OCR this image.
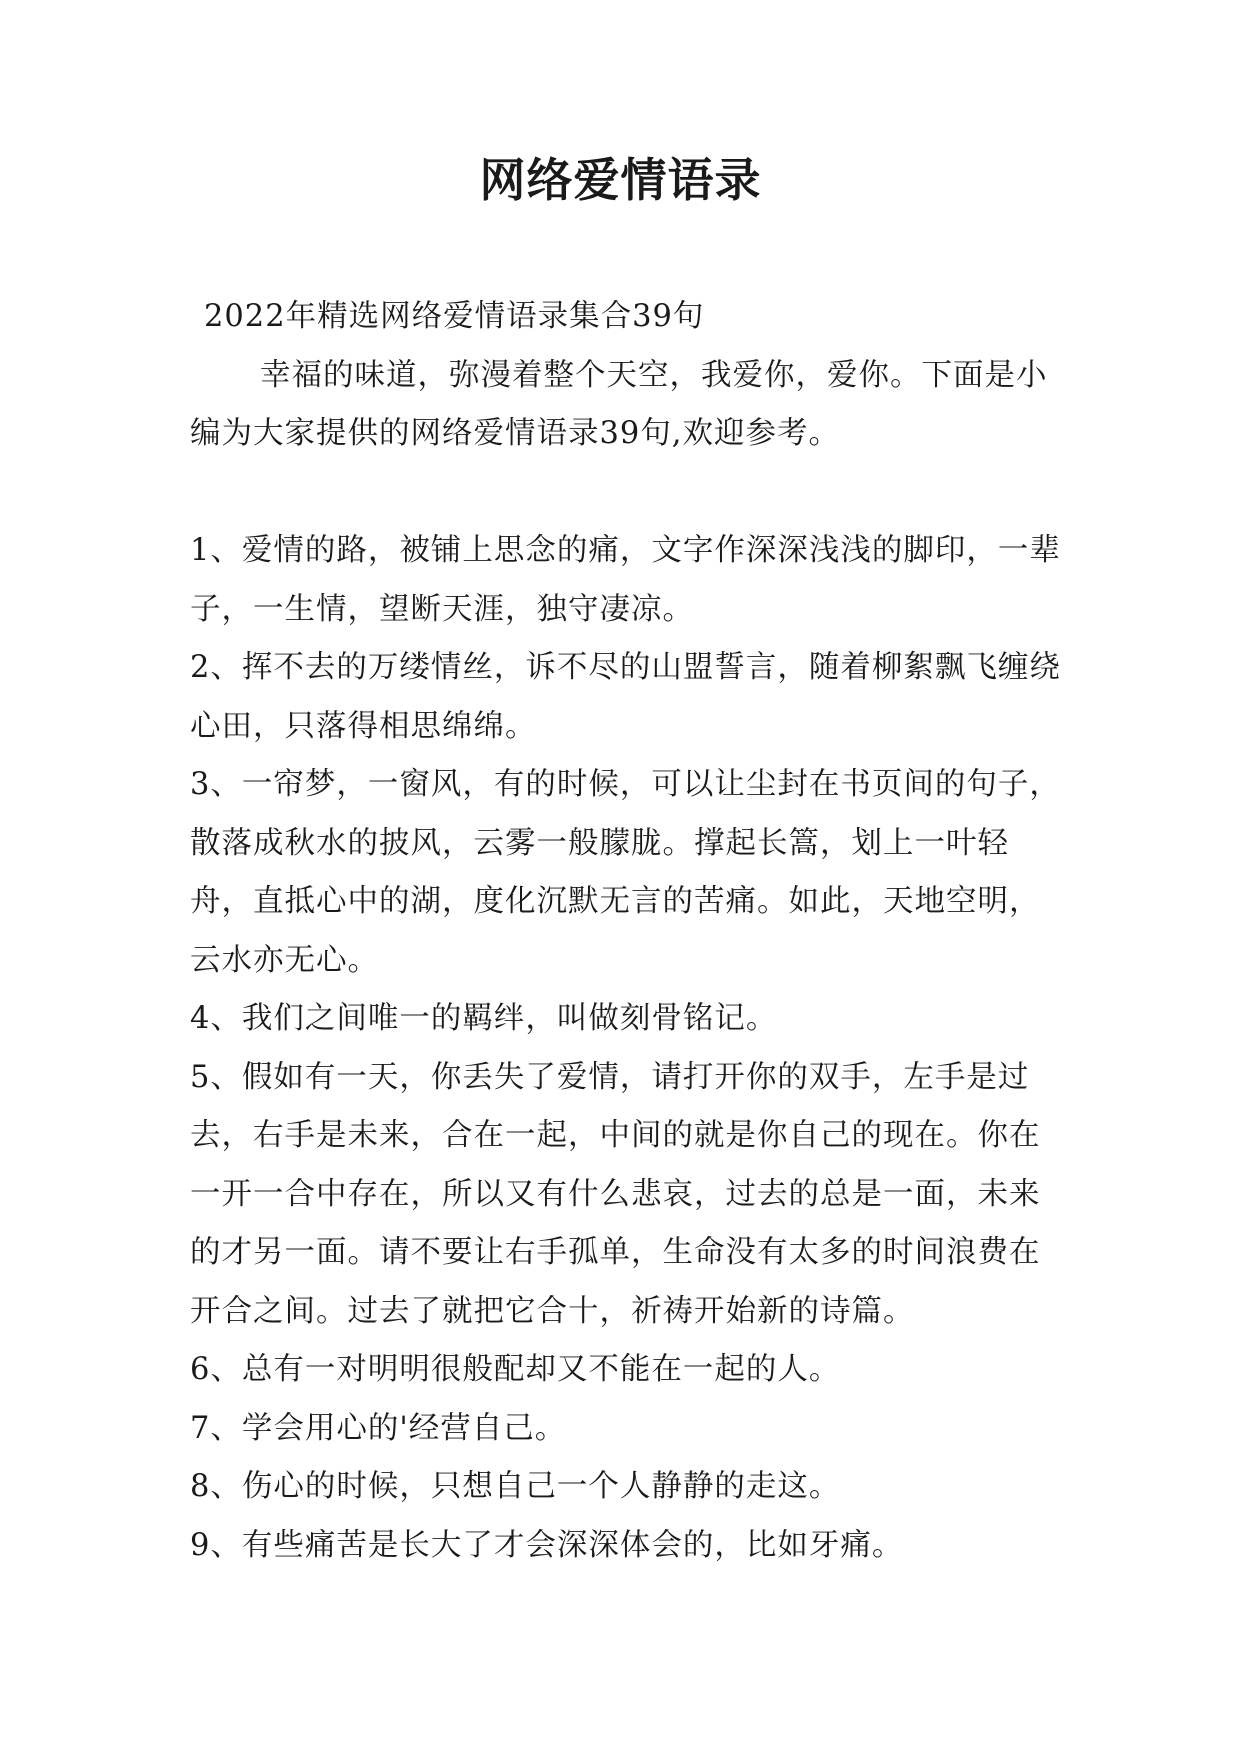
网络爱情语录

2022年精选网络爱情语录集合39句

幸福的味道，弥漫着整个天空，我爱你，爱你。下面是小编为大家提供的网络爱情语录39句,欢迎参考。

1、爱情的路，被铺上思念的痛，文字作深深浅浅的脚印，一辈子，一生情，望断天涯，独守凄凉。

2、挥不去的万缕情丝，诉不尽的山盟誓言，随着柳絮飘飞缠绕心田，只落得相思绵绵。

3、一帘梦，一窗风，有的时候，可以让尘封在书页间的句子，散落成秋水的披风，云雾一般朦胧。撑起长篙，划上一叶轻舟，直抵心中的湖，度化沉默无言的苦痛。如此，天地空明，云水亦无心。

4、我们之间唯一的羁绊，叫做刻骨铭记。

5、假如有一天，你丢失了爱情，请打开你的双手，左手是过去，右手是未来，合在一起，中间的就是你自己的现在。你在一开一合中存在，所以又有什么悲哀，过去的总是一面，未来的才另一面。请不要让右手孤单，生命没有太多的时间浪费在开合之间。过去了就把它合十，祈祷开始新的诗篇。

6、总有一对明明很般配却又不能在一起的人。

7、学会用心的'经营自己。

8、伤心的时候，只想自己一个人静静的走这。

9、有些痛苦是长大了才会深深体会的，比如牙痛。
